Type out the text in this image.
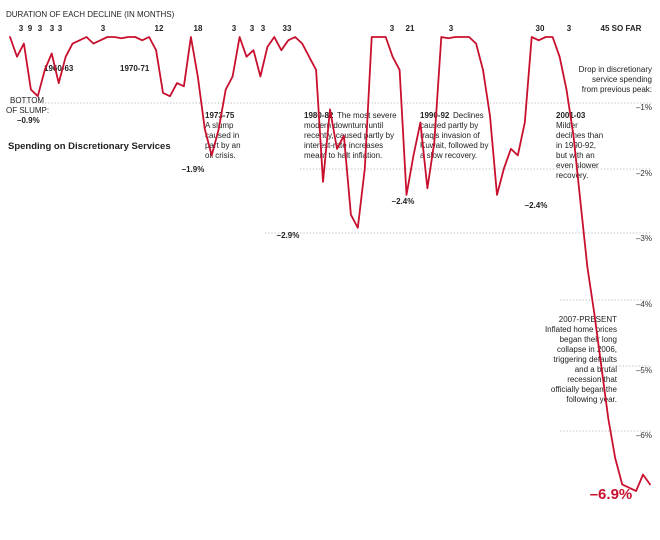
DURATION OF EACH DECLINE (IN MONTHS)
Spending on Discretionary Services
Drop in discretionary
service spending
from previous peak:
–1%
–2%
–3%
–4%
–5%
–6%
3 9 3 3 3	3	12	18	3 3 3 33	3 21	3	30	3	45 SO FAR
1960-63	1970-71
BOTTOM
OF SLUMP:
–0.9%
1973-75
A slump
caused in
part by an
oil crisis.
–1.9%
1980-82 The most severe
modern downturn until
recently, caused partly by
interest-rate increases
meant to halt inflation.
–2.9%
1990-92 Declines
caused partly by
Iraq's invasion of
Kuwait, followed by
a slow recovery.
–2.4%
2001-03
Milder
declines than
in 1990-92,
but with an
even slower
recovery.
–2.4%
2007-PRESENT
Inflated home prices
began their long
collapse in 2006,
triggering defaults
and a brutal
recession that
officially began the
following year.
–6.9%
